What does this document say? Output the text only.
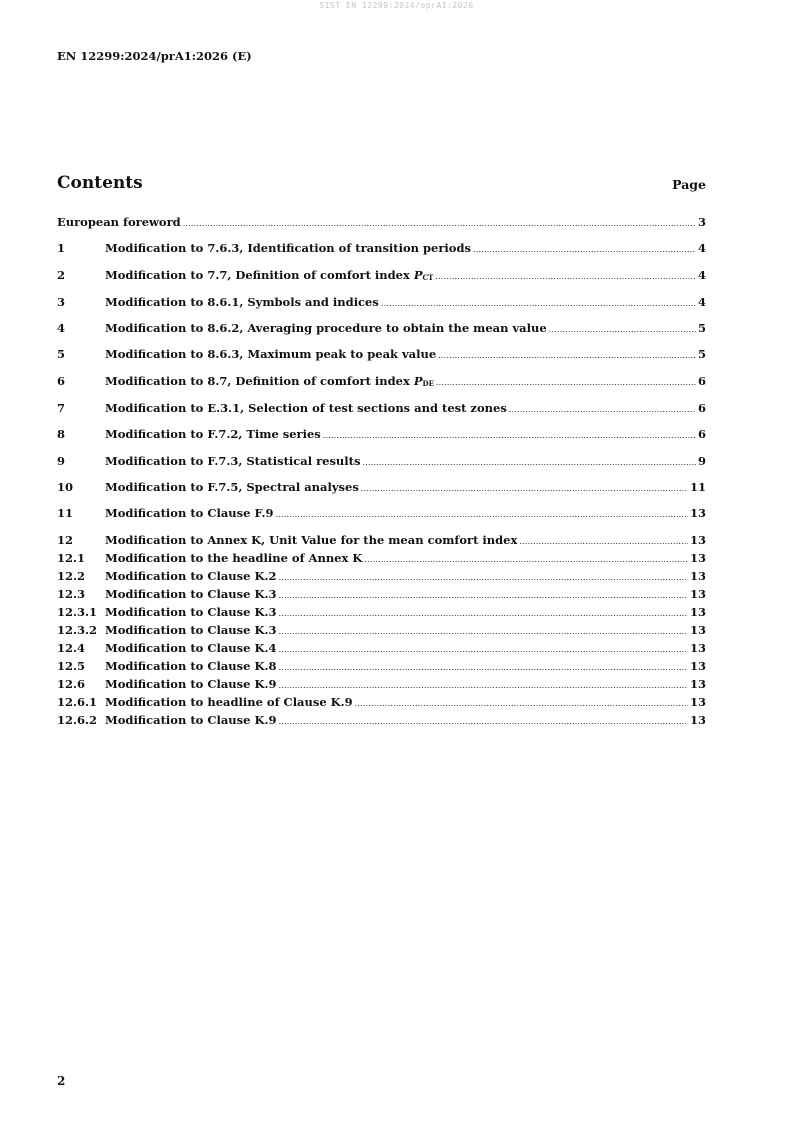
SIST EN 12299:2024/oprA1:2026
EN 12299:2024/prA1:2026 (E)
Contents	Page
European foreword .....	3
1	Modification to 7.6.3, Identification of transition periods .....	4
2	Modification to 7.7, Definition of comfort index $P_{CT}$ .....	4
3	Modification to 8.6.1, Symbols and indices .....	4
4	Modification to 8.6.2, Averaging procedure to obtain the mean value .....	5
5	Modification to 8.6.3, Maximum peak to peak value .....	5
6	Modification to 8.7, Definition of comfort index $P_{DE}$ .....	6
7	Modification to E.3.1, Selection of test sections and test zones .....	6
8	Modification to F.7.2, Time series .....	6
9	Modification to F.7.3, Statistical results .....	9
10	Modification to F.7.5, Spectral analyses .....	11
11	Modification to Clause F.9 .....	13
12	Modification to Annex K, Unit Value for the mean comfort index .....	13
12.1	Modification to the headline of Annex K .....	13
12.2	Modification to Clause K.2 .....	13
12.3	Modification to Clause K.3 .....	13
12.3.1 Modification to Clause K.3 .....	13
12.3.2 Modification to Clause K.3 .....	13
12.4	Modification to Clause K.4 .....	13
12.5	Modification to Clause K.8 .....	13
12.6	Modification to Clause K.9 .....	13
12.6.1 Modification to headline of Clause K.9 .....	13
12.6.2 Modification to Clause K.9 .....	13
2
